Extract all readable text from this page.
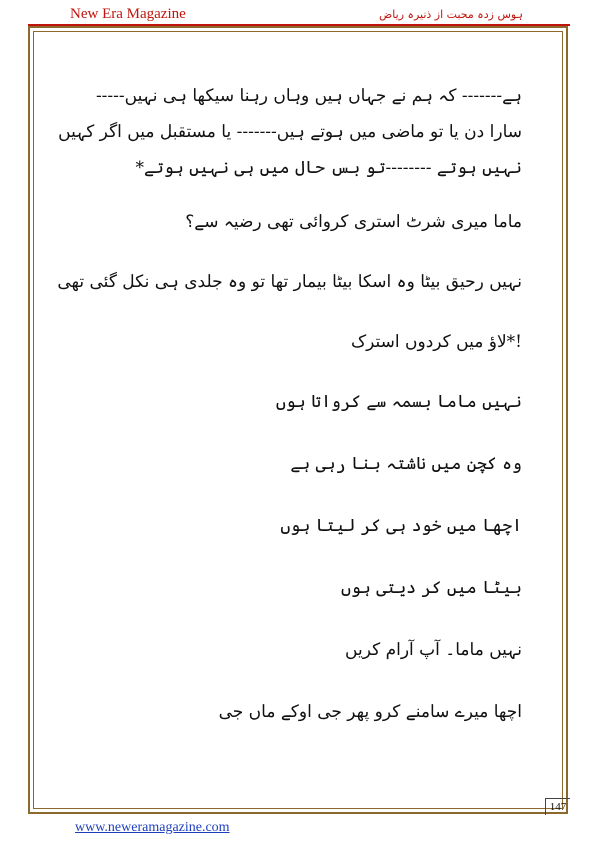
New Era Magazine	ہوس زدہ محبت از ذنیرہ ریاض

ہے------- کہ ہم نے جہاں ہیں وہاں رہنا سیکھا ہی نہیں-----

سارا دن یا تو ماضی میں ہوتے ہیں------- یا مستقبل میں اگر کہیں

نہیں ہوتے --------تو بس حال میں ہی نہیں ہوتے*

ماما میری شرٹ استری کروائی تھی رضیہ سے؟

نہیں رحیق بیٹا وہ اسکا بیٹا بیمار تھا تو وہ جلدی ہی نکل گئی تھی

!*لاؤ میں کردوں استرک

نہیں ماما بسمہ سے کرواتا ہوں

وہ کچن میں ناشتہ بنا رہی ہے

اچھا میں خود ہی کر لیتا ہوں

بیٹا میں کر دیتی ہوں

نہیں ماما۔ آپ آرام کریں

اچھا میرے سامنے کرو پھر جی اوکے ماں جی

147
www.neweramagazine.com
